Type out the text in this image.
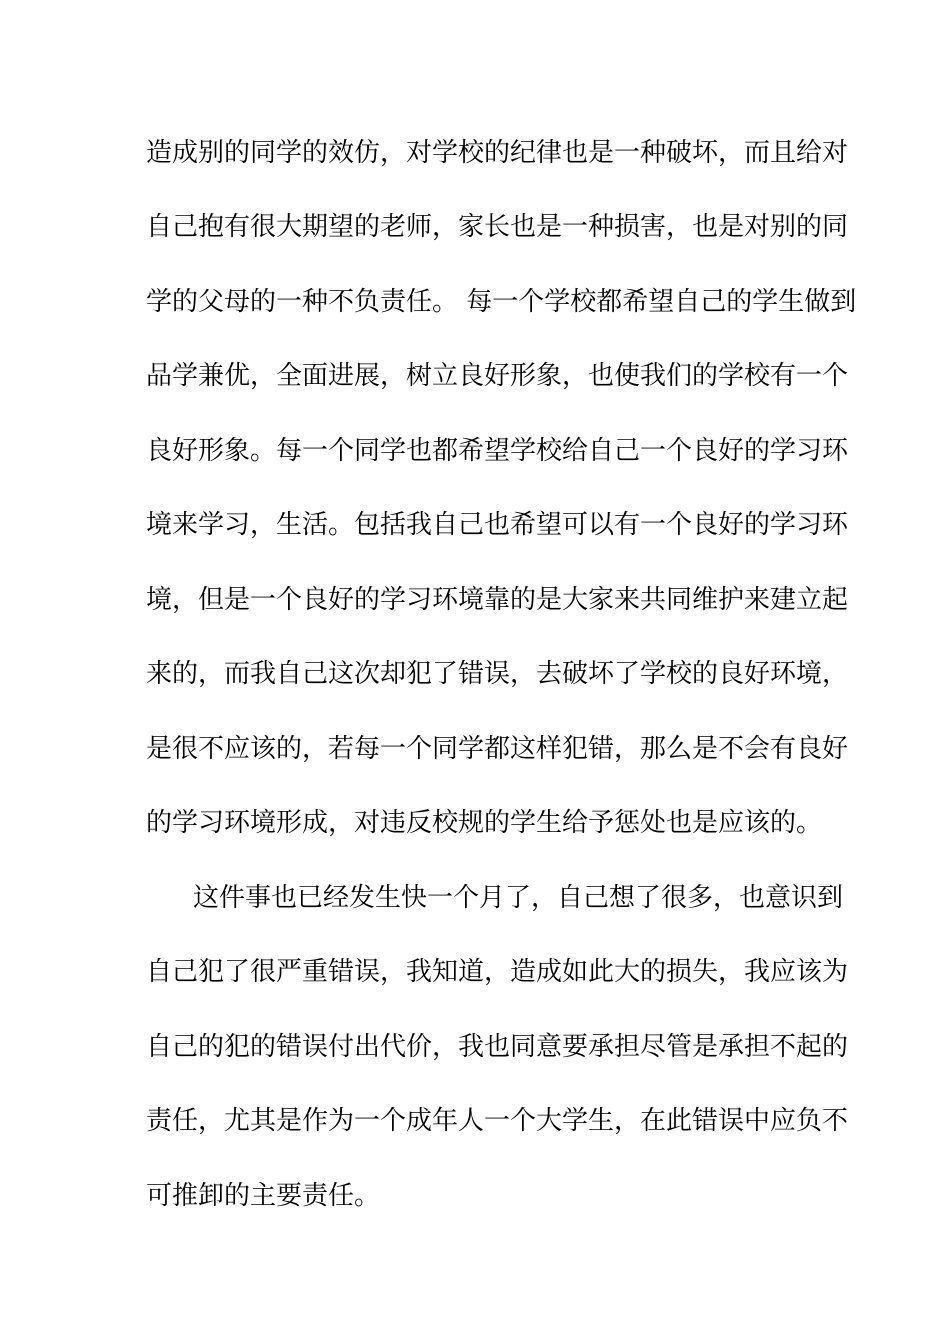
造成别的同学的效仿，对学校的纪律也是一种破坏，而且给对
自己抱有很大期望的老师，家长也是一种损害，也是对别的同
学的父母的一种不负责任。 每一个学校都希望自己的学生做到
品学兼优，全面进展，树立良好形象，也使我们的学校有一个
良好形象。每一个同学也都希望学校给自己一个良好的学习环
境来学习，生活。包括我自己也希望可以有一个良好的学习环
境，但是一个良好的学习环境靠的是大家来共同维护来建立起
来的，而我自己这次却犯了错误，去破坏了学校的良好环境，
是很不应该的，若每一个同学都这样犯错，那么是不会有良好
的学习环境形成，对违反校规的学生给予惩处也是应该的。
这件事也已经发生快一个月了，自己想了很多，也意识到
自己犯了很严重错误，我知道，造成如此大的损失，我应该为
自己的犯的错误付出代价，我也同意要承担尽管是承担不起的
责任，尤其是作为一个成年人一个大学生，在此错误中应负不
可推卸的主要责任。
